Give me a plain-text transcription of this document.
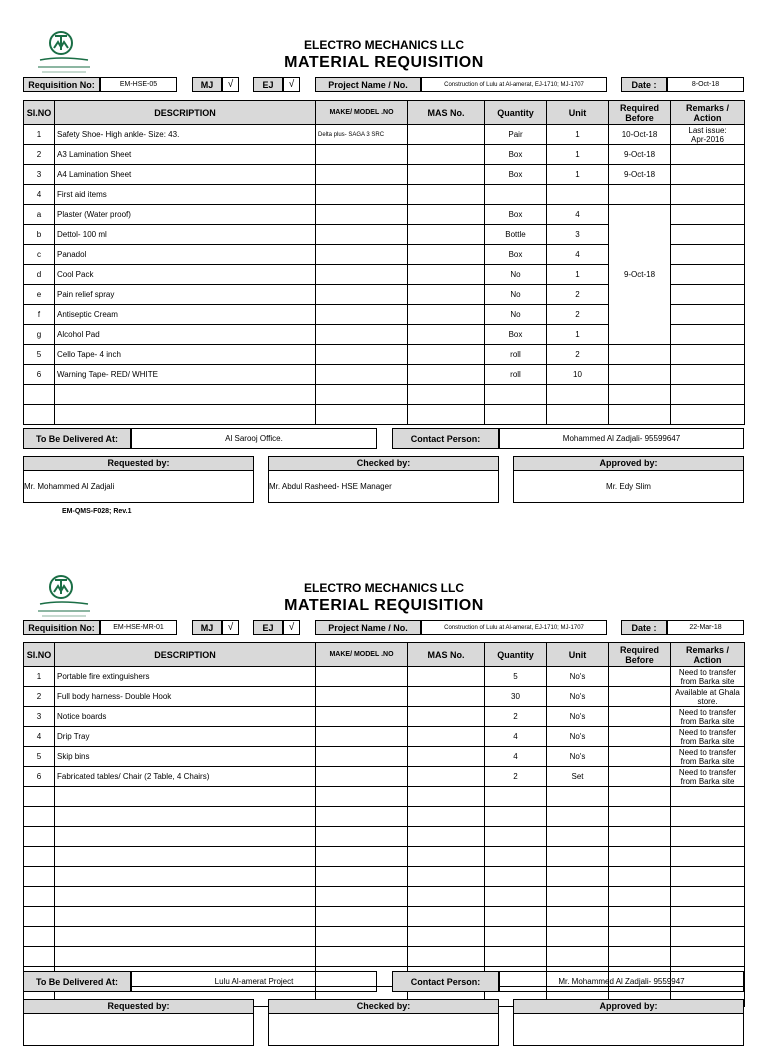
ELECTRO MECHANICS LLC
MATERIAL REQUISITION
Requisition No:	EM-HSE-05	MJ	√	EJ	√	Project Name / No.	Construction of Lulu at Al-amerat, EJ-1710; MJ-1707	Date :	8-Oct-18
SI.NO	DESCRIPTION	MAKE/ MODEL .NO	MAS No.	Quantity	Unit	Required Before	Remarks / Action
1	Safety Shoe- High ankle- Size: 43.	Delta plus- SAGA 3 SRC		Pair	1	10-Oct-18	Last issue:
Apr-2016
2	A3 Lamination Sheet			Box	1	9-Oct-18	
3	A4 Lamination Sheet			Box	1	9-Oct-18	
4	First aid items						
a	Plaster (Water proof)			Box	4	9-Oct-18	
b	Dettol- 100 ml			Bottle	3		
c	Panadol			Box	4		
d	Cool Pack			No	1		
e	Pain relief spray			No	2		
f	Antiseptic Cream			No	2		
g	Alcohol Pad			Box	1		
5	Cello Tape- 4 inch			roll	2		
6	Warning Tape- RED/ WHITE			roll	10		

To Be Delivered At:	Al Sarooj Office.	Contact Person:	Mohammed Al Zadjali- 95599647
Requested by:
Mr. Mohammed Al Zadjali
Checked by:
Mr. Abdul Rasheed- HSE Manager
Approved by:
Mr. Edy Slim
EM-QMS-F028; Rev.1
ELECTRO MECHANICS LLC
MATERIAL REQUISITION
Requisition No:	EM-HSE-MR-01	MJ	√	EJ	√	Project Name / No.	Construction of Lulu at Al-amerat, EJ-1710; MJ-1707	Date :	22-Mar-18
SI.NO	DESCRIPTION	MAKE/ MODEL .NO	MAS No.	Quantity	Unit	Required Before	Remarks / Action
1	Portable fire extinguishers			5	No's		Need to transfer
from Barka site
2	Full body harness- Double Hook			30	No's		Available at Ghala
store.
3	Notice boards			2	No's		Need to transfer
from Barka site
4	Drip Tray			4	No's		Need to transfer
from Barka site
5	Skip bins			4	No's		Need to transfer
from Barka site
6	Fabricated tables/ Chair (2 Table, 4 Chairs)			2	Set		Need to transfer
from Barka site

To Be Delivered At:	Lulu Al-amerat Project	Contact Person:	Mr. Mohammed Al Zadjali- 9559947
Requested by:	Checked by:	Approved by:
